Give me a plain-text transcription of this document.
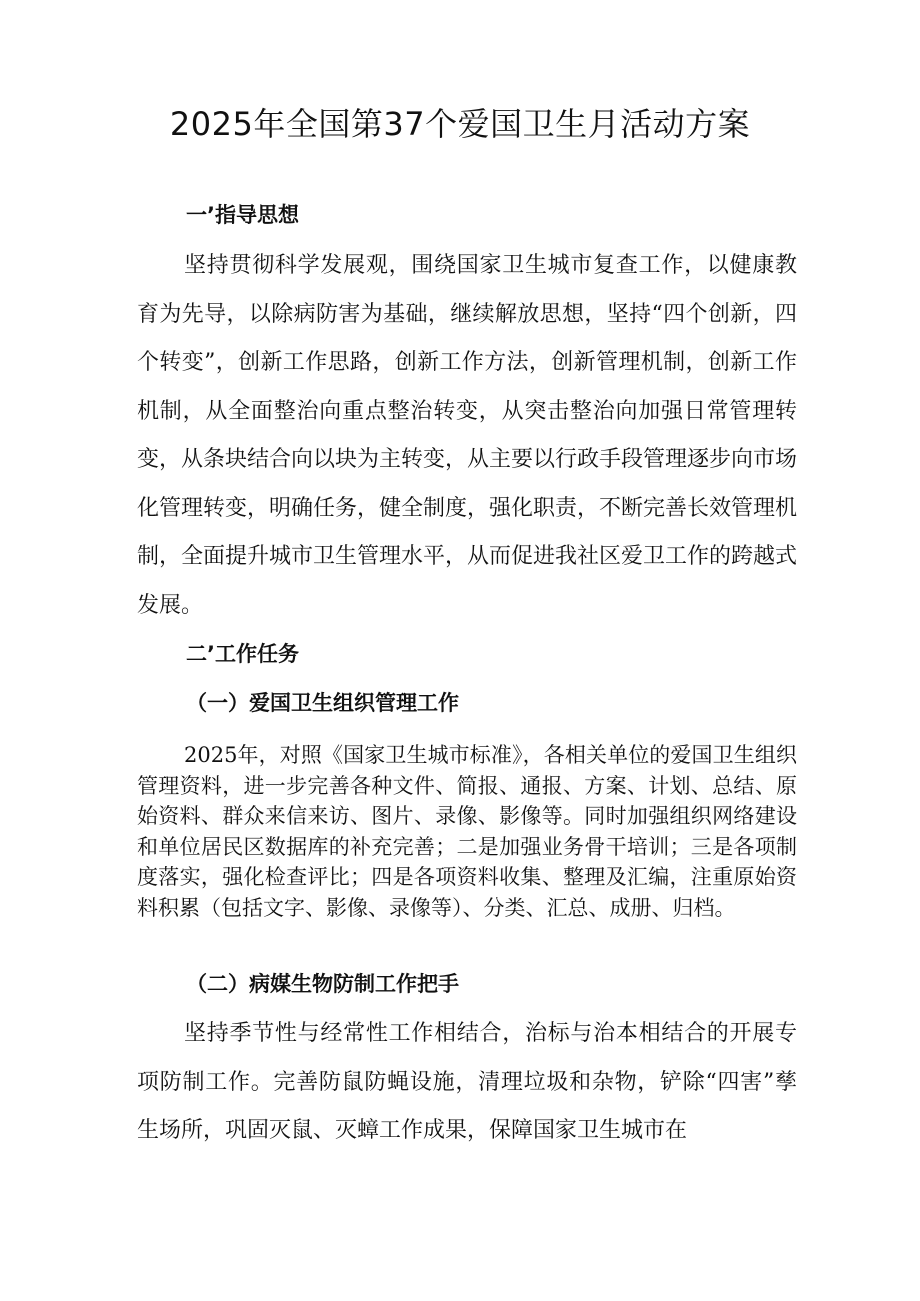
2025年全国第37个爱国卫生月活动方案
一’指导思想

坚持贯彻科学发展观，围绕国家卫生城市复查工作，以健康教育为先导，以除病防害为基础，继续解放思想，坚持“四个创新，四个转变”，创新工作思路，创新工作方法，创新管理机制，创新工作机制，从全面整治向重点整治转变，从突击整治向加强日常管理转变，从条块结合向以块为主转变，从主要以行政手段管理逐步向市场化管理转变，明确任务，健全制度，强化职责，不断完善长效管理机制，全面提升城市卫生管理水平，从而促进我社区爱卫工作的跨越式发展。

二’工作任务
（一）爱国卫生组织管理工作

2025年，对照《国家卫生城市标准》，各相关单位的爱国卫生组织管理资料，进一步完善各种文件、简报、通报、方案、计划、总结、原始资料、群众来信来访、图片、录像、影像等。同时加强组织网络建设和单位居民区数据库的补充完善；二是加强业务骨干培训；三是各项制度落实，强化检查评比；四是各项资料收集、整理及汇编，注重原始资料积累（包括文字、影像、录像等）、分类、汇总、成册、归档。

（二）病媒生物防制工作把手

坚持季节性与经常性工作相结合，治标与治本相结合的开展专项防制工作。完善防鼠防蝇设施，清理垃圾和杂物，铲除“四害”孳生场所，巩固灭鼠、灭蟑工作成果，保障国家卫生城市在
